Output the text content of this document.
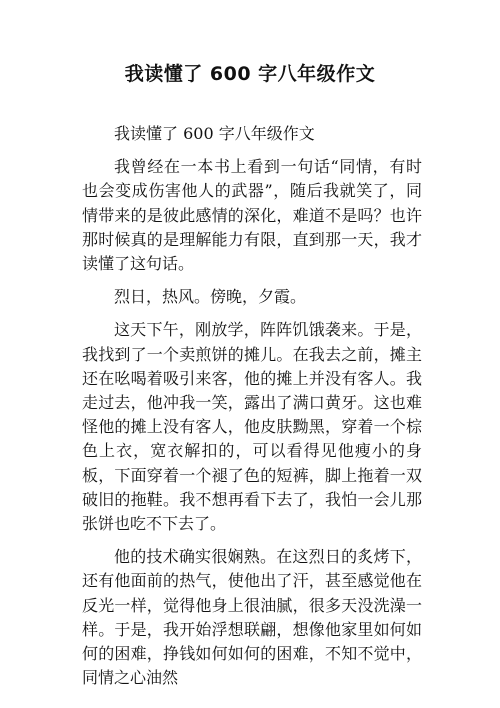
我读懂了 600 字八年级作文

我读懂了 600 字八年级作文

我曾经在一本书上看到一句话“同情，有时也会变成伤害他人的武器”，随后我就笑了，同情带来的是彼此感情的深化，难道不是吗？也许那时候真的是理解能力有限，直到那一天，我才读懂了这句话。

烈日，热风。傍晚，夕霞。

这天下午，刚放学，阵阵饥饿袭来。于是，我找到了一个卖煎饼的摊儿。在我去之前，摊主还在吆喝着吸引来客，他的摊上并没有客人。我走过去，他冲我一笑，露出了满口黄牙。这也难怪他的摊上没有客人，他皮肤黝黑，穿着一个棕色上衣，宽衣解扣的，可以看得见他瘦小的身板，下面穿着一个褪了色的短裤，脚上拖着一双破旧的拖鞋。我不想再看下去了，我怕一会儿那张饼也吃不下去了。

他的技术确实很娴熟。在这烈日的炙烤下，还有他面前的热气，使他出了汗，甚至感觉他在反光一样，觉得他身上很油腻，很多天没洗澡一样。于是，我开始浮想联翩，想像他家里如何如何的困难，挣钱如何如何的困难，不知不觉中，同情之心油然
